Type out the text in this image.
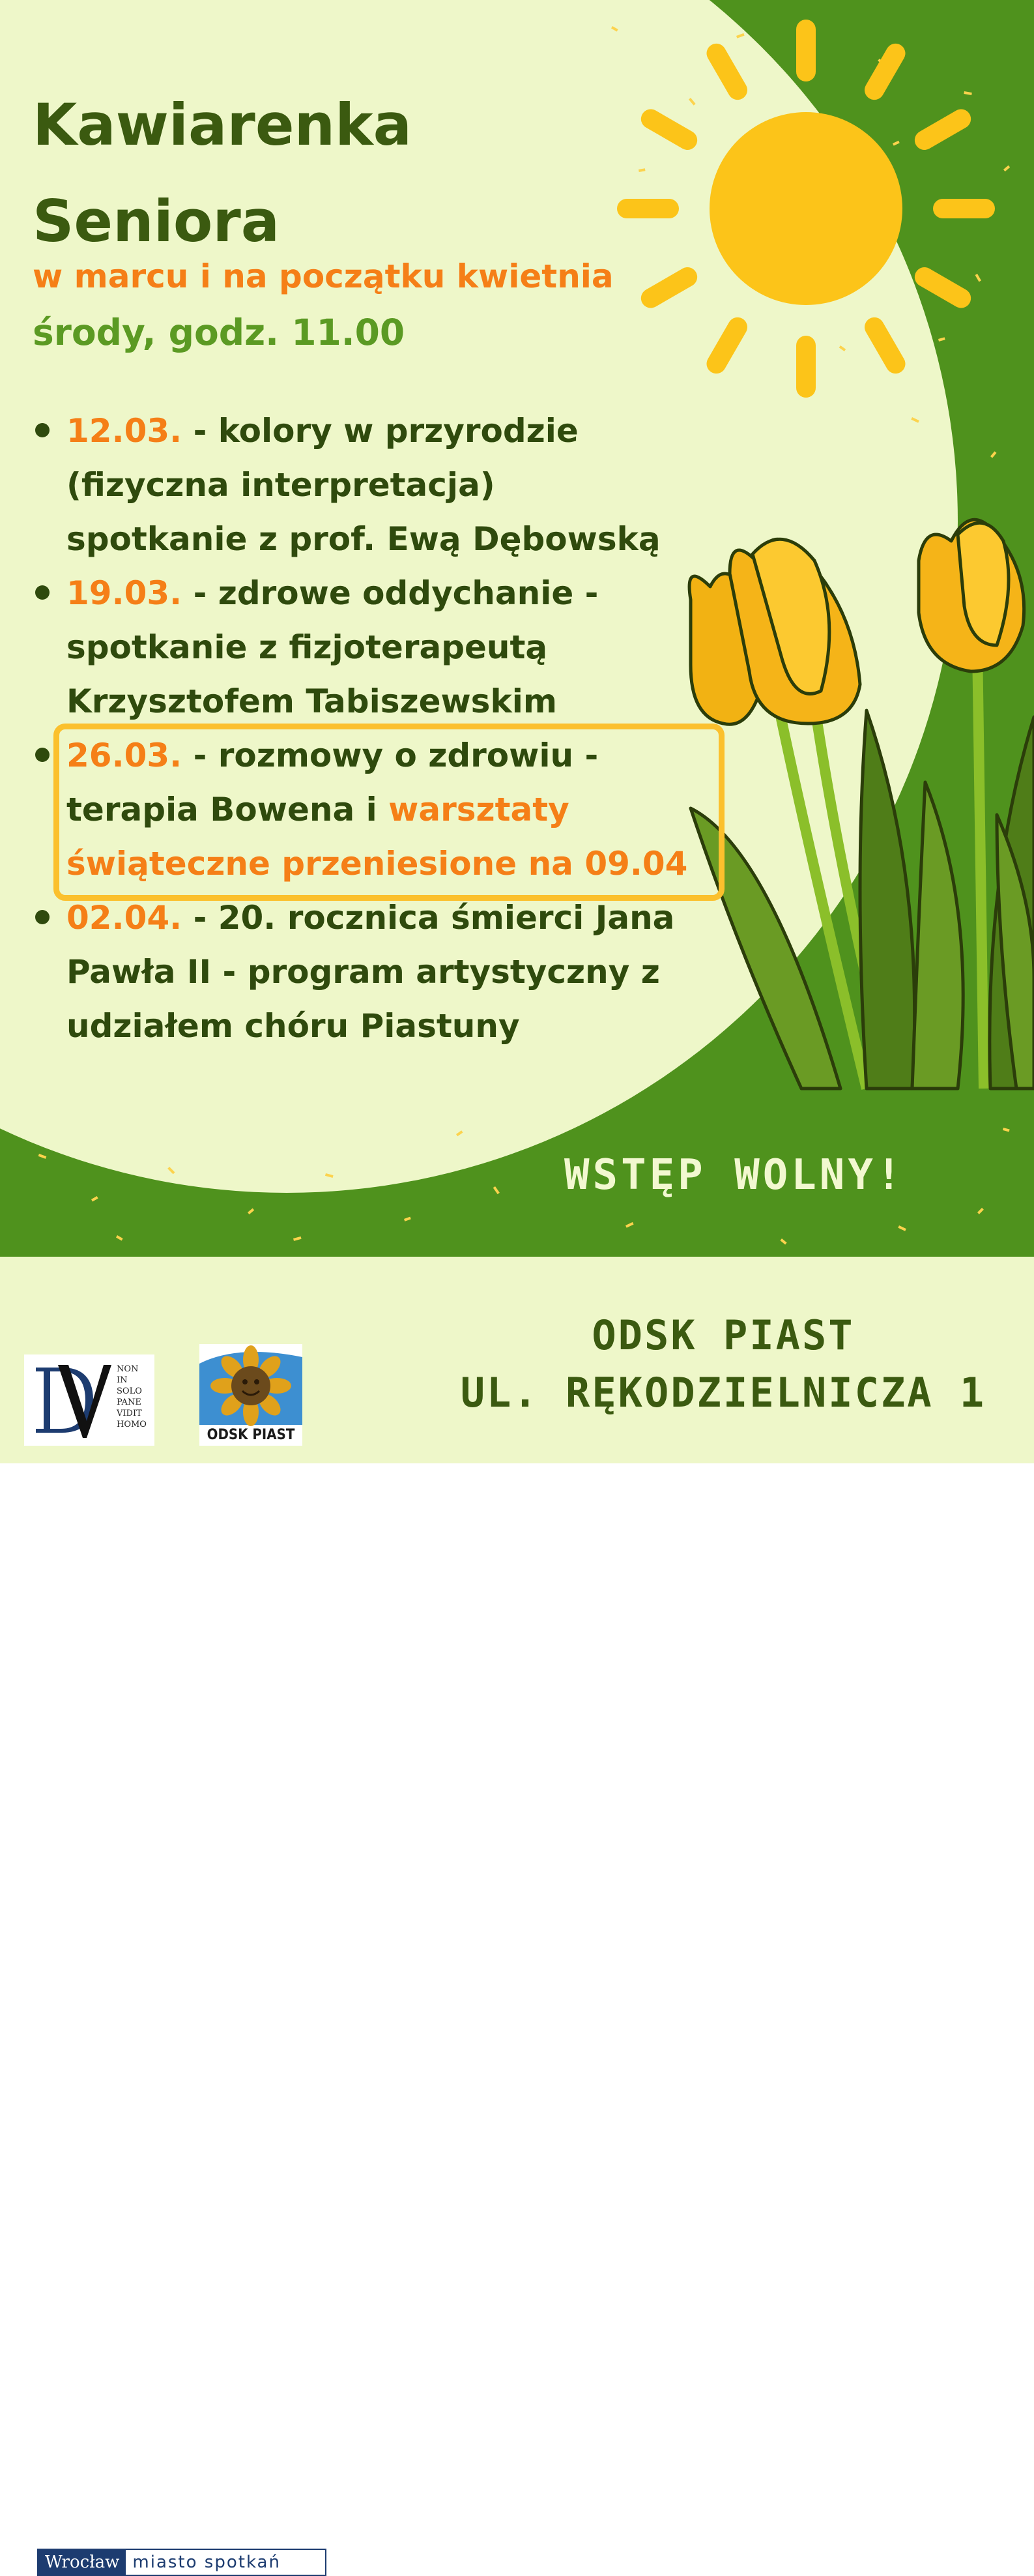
Kawiarenka
Seniora
w marcu i na początku kwietnia
środy, godz. 11.00
12.03. - kolory w przyrodzie
(fizyczna interpretacja)
spotkanie z prof. Ewą Dębowską
19.03. - zdrowe oddychanie -
spotkanie z fizjoterapeutą
Krzysztofem Tabiszewskim
26.03. - rozmowy o zdrowiu -
terapia Bowena i warsztaty
świąteczne przeniesione na 09.04
02.04. - 20. rocznica śmierci Jana
Pawła II - program artystyczny z
udziałem chóru Piastuny
WSTĘP WOLNY!
Wrocław miasto spotkań
NON
IN
SOLO
PANE
VIDIT
HOMO
ODSK PIAST
ODSK PIAST
UL. RĘKODZIELNICZA 1
